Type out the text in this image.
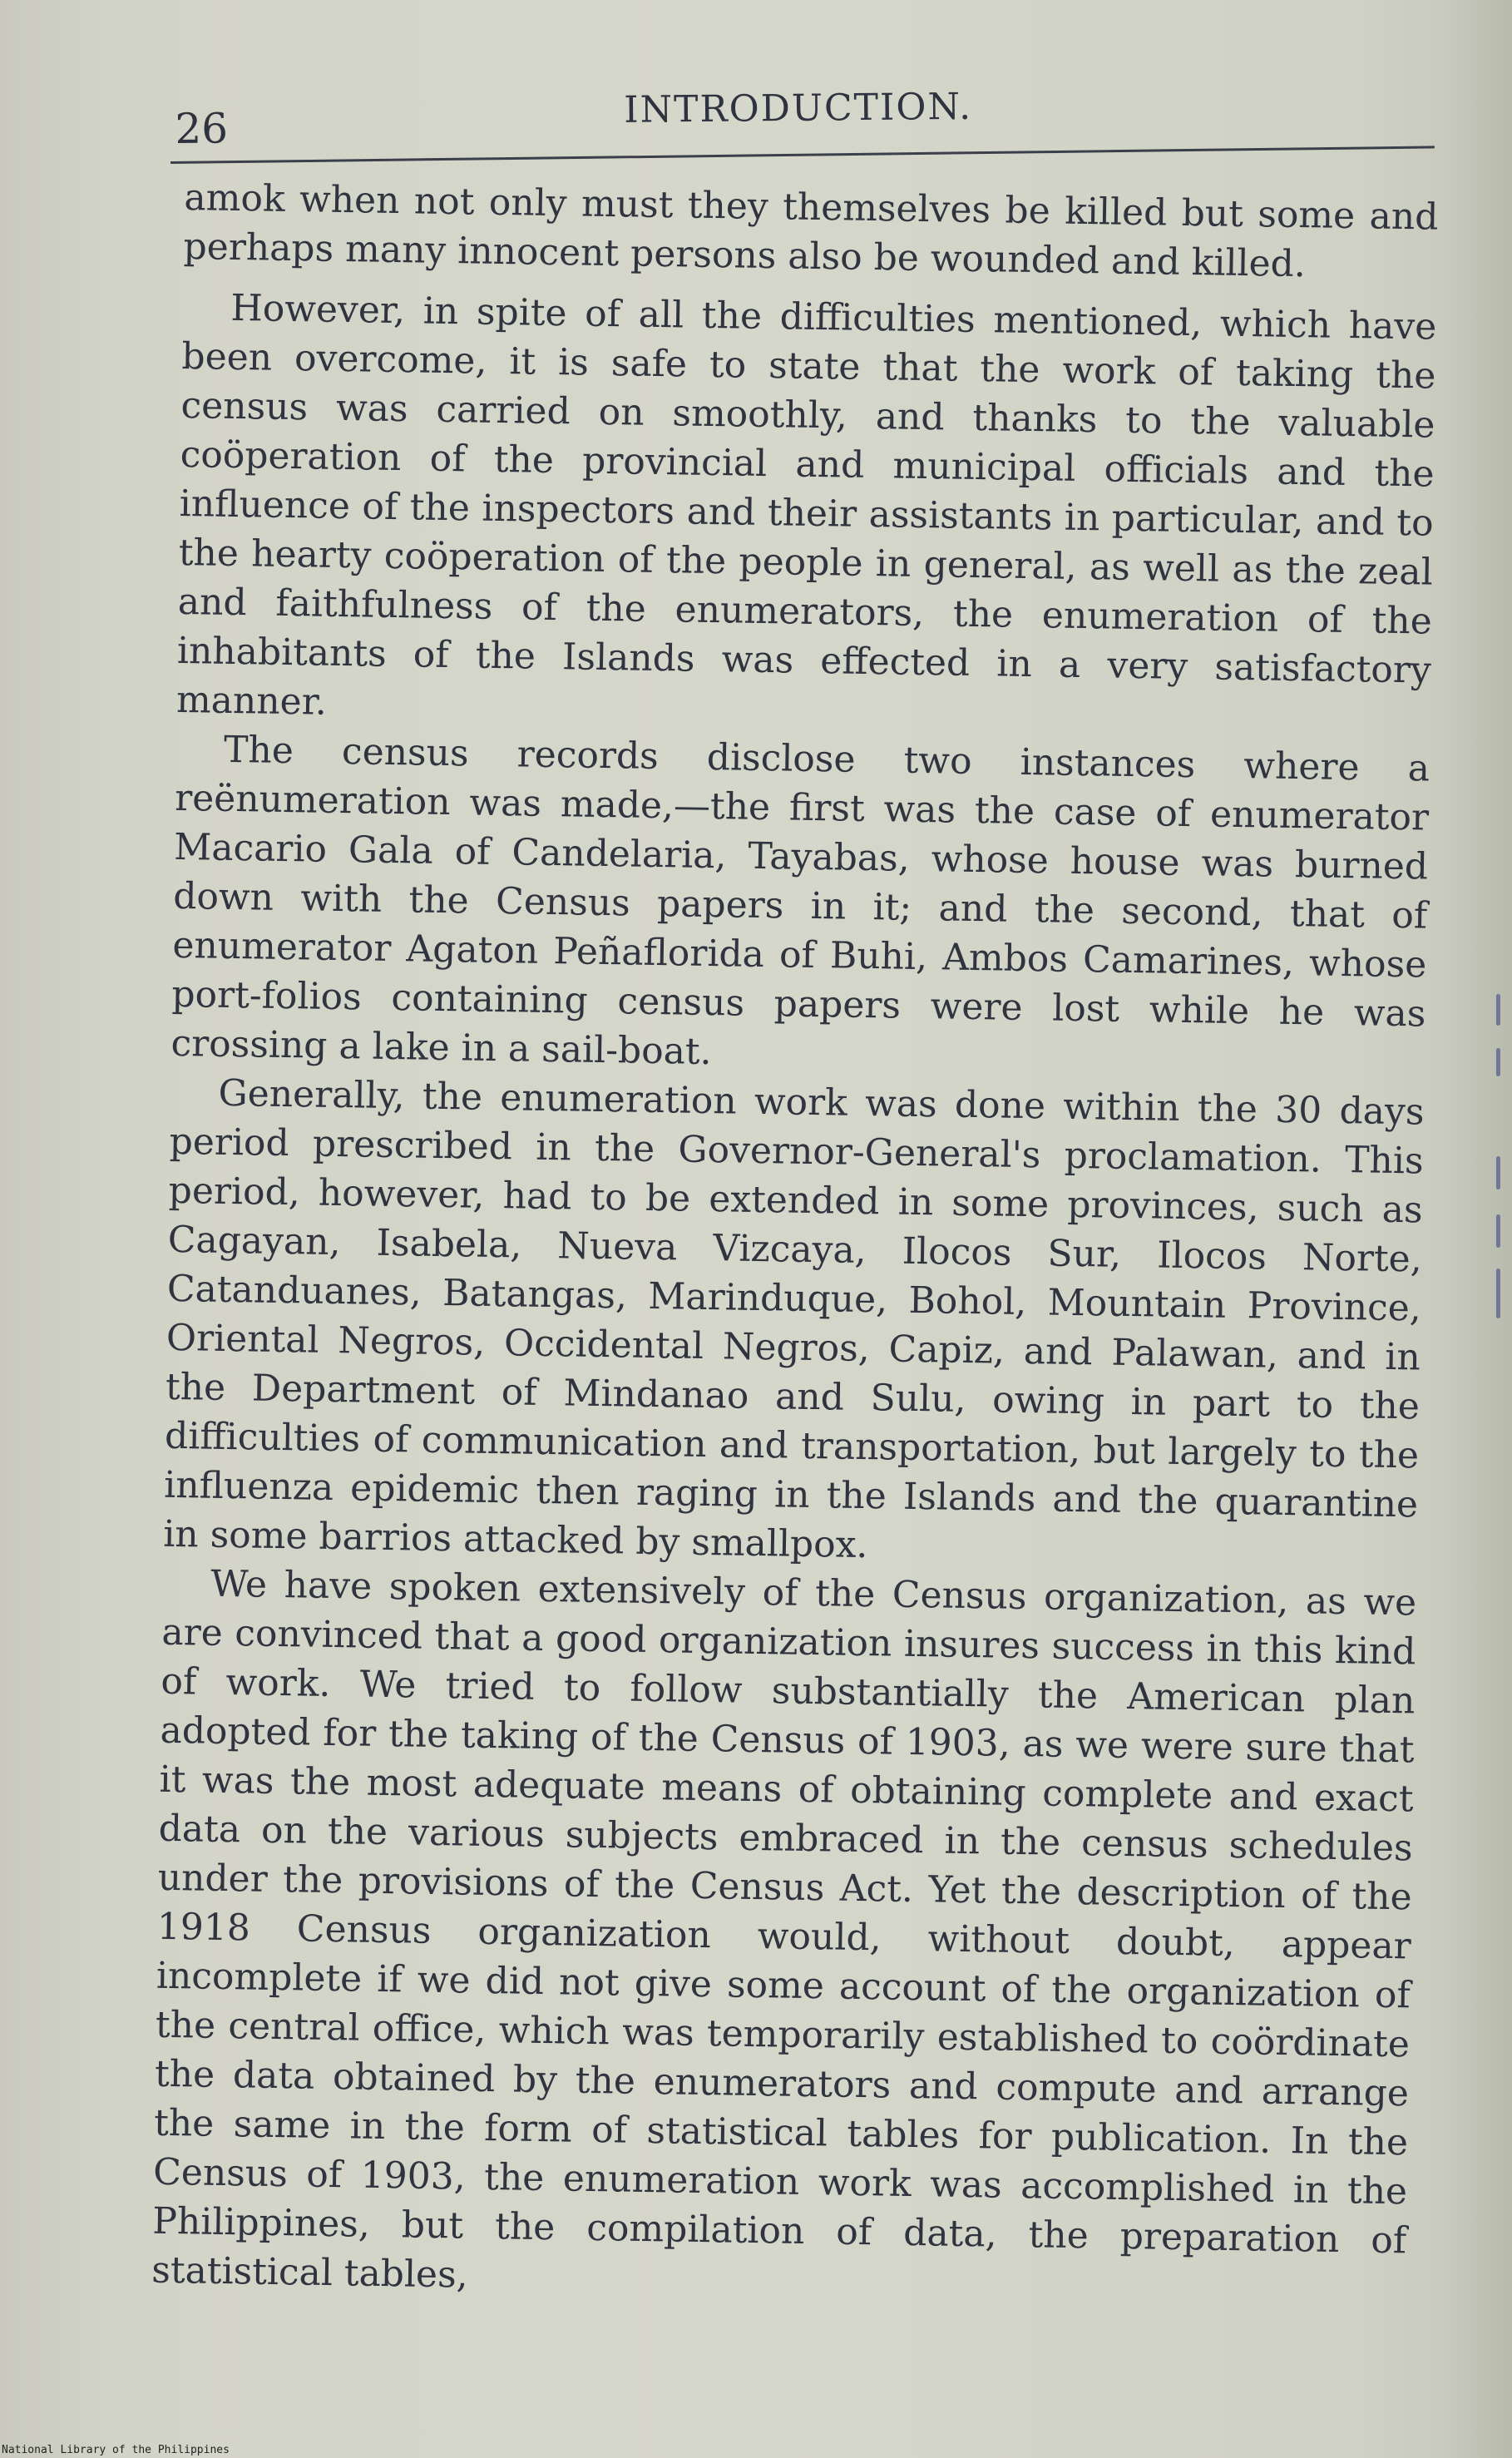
26	INTRODUCTION.

amok when not only must they themselves be killed but some and perhaps many innocent persons also be wounded and killed.

However, in spite of all the difficulties mentioned, which have been overcome, it is safe to state that the work of taking the census was carried on smoothly, and thanks to the valuable coöperation of the provincial and municipal officials and the influence of the inspectors and their assistants in particular, and to the hearty coöperation of the people in general, as well as the zeal and faithfulness of the enumerators, the enumeration of the inhabitants of the Islands was effected in a very satisfactory manner.

The census records disclose two instances where a reënumeration was made,—the first was the case of enumerator Macario Gala of Candelaria, Tayabas, whose house was burned down with the Census papers in it; and the second, that of enumerator Agaton Peñaflorida of Buhi, Ambos Camarines, whose port-folios containing census papers were lost while he was crossing a lake in a sail-boat.

Generally, the enumeration work was done within the 30 days period prescribed in the Governor-General's proclamation. This period, however, had to be extended in some provinces, such as Cagayan, Isabela, Nueva Vizcaya, Ilocos Sur, Ilocos Norte, Catanduanes, Batangas, Marinduque, Bohol, Mountain Province, Oriental Negros, Occidental Negros, Capiz, and Palawan, and in the Department of Mindanao and Sulu, owing in part to the difficulties of communication and transportation, but largely to the influenza epidemic then raging in the Islands and the quarantine in some barrios attacked by smallpox.

We have spoken extensively of the Census organization, as we are convinced that a good organization insures success in this kind of work. We tried to follow substantially the American plan adopted for the taking of the Census of 1903, as we were sure that it was the most adequate means of obtaining complete and exact data on the various subjects embraced in the census schedules under the provisions of the Census Act. Yet the description of the 1918 Census organization would, without doubt, appear incomplete if we did not give some account of the organization of the central office, which was temporarily established to coördinate the data obtained by the enumerators and compute and arrange the same in the form of statistical tables for publication. In the Census of 1903, the enumeration work was accomplished in the Philippines, but the compilation of data, the preparation of statistical tables,

National Library of the Philippines
